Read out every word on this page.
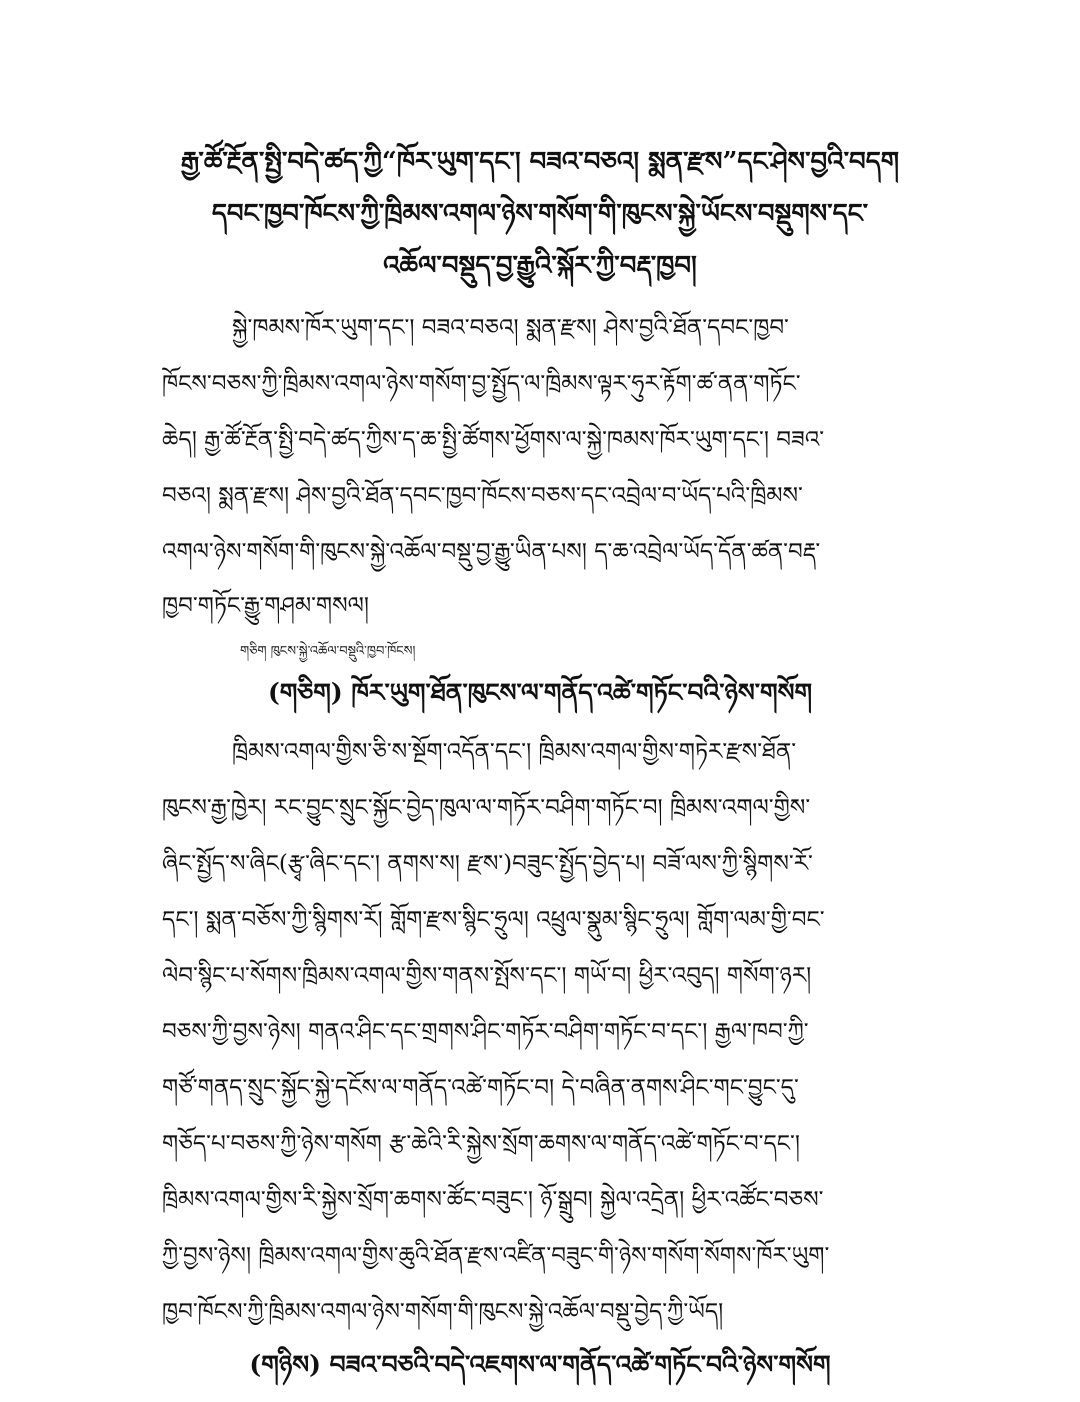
རྒྱ་ཚོ་རྔོན་སྤྱི་བདེ་ཚད་ཀྱི“ཁོར་ཡུག་དང་། བཟའ་བཅའ། སྨན་རྫས”དང་ཤེས་བྱའི་བདག
དབང་ཁྱབ་ཁོངས་ཀྱི་ཁྲིམས་འགལ་ཉེས་གསོག་གི་ཁུངས་སྐྱེ་ཡོངས་བསྡུགས་དང་
འཆོལ་བསྡུད་བྱ་རྒྱུའི་སྐོར་ཀྱི་བརྡ་ཁྱབ།
སྐྱེ་ཁམས་ཁོར་ཡུག་དང་། བཟའ་བཅའ། སྨན་རྫས། ཤེས་བྱའི་ཐོན་དབང་ཁྱབ་
ཁོངས་བཅས་ཀྱི་ཁྲིམས་འགལ་ཉེས་གསོག་བྱ་སྤྱོད་ལ་ཁྲིམས་ལྟར་ཧུར་རྟོག་ཚ་ནན་གཏོང་
ཆེད། རྒྱ་ཚོ་རྔོན་སྤྱི་བདེ་ཚད་ཀྱིས་ད་ཆ་སྤྱི་ཚོགས་ཕྱོགས་ལ་སྐྱེ་ཁམས་ཁོར་ཡུག་དང་། བཟའ་
བཅའ། སྨན་རྫས། ཤེས་བྱའི་ཐོན་དབང་ཁྱབ་ཁོངས་བཅས་དང་འབྲེལ་བ་ཡོད་པའི་ཁྲིམས་
འགལ་ཉེས་གསོག་གི་ཁུངས་སྐྱེ་འཆོལ་བསྡུ་བྱ་རྒྱུ་ཡིན་པས། ད་ཆ་འབྲེལ་ཡོད་དོན་ཚན་བརྡ་
ཁྱབ་གཏོང་རྒྱུ་གཤམ་གསལ།
གཅིག ཁུངས་སྐྱེ་འཆོལ་བསྡུའི་ཁྱབ་ཁོངས།
(གཅིག) ཁོར་ཡུག་ཐོན་ཁུངས་ལ་གནོད་འཚེ་གཏོང་བའི་ཉེས་གསོག
ཁྲིམས་འགལ་གྱིས་ཅི་ས་སྔོག་འདོན་དང་། ཁྲིམས་འགལ་གྱིས་གཏེར་རྫས་ཐོན་
ཁུངས་རྒྱ་ཁྱེར། རང་བྱུང་སྲུང་སྐྱོང་བྱེད་ཁུལ་ལ་གཏོར་བཤིག་གཏོང་བ། ཁྲིམས་འགལ་གྱིས་
ཞིང་སྤྱོད་ས་ཞིང(རྩྭ་ཞིང་དང་། ནགས་ས། རྫས་)བཟུང་སྤྱོད་བྱེད་པ། བཟོ་ལས་ཀྱི་སྙིགས་རོ་
དང་། སྨན་བཅོས་ཀྱི་སྙིགས་རོ། གློག་རྫས་སྙིང་ཧྲུལ། འཕྲུལ་སྣུམ་སྙིང་ཧྲུལ། གློག་ལམ་གྱི་བང་
ལེབ་སྙིང་པ་སོགས་ཁྲིམས་འགལ་གྱིས་གནས་སྤོས་དང་། གཡོ་བ། ཕྱིར་འབུད། གསོག་ཉར།
བཅས་ཀྱི་བྱས་ཉེས། གནའ་ཤིང་དང་གྲགས་ཤིང་གཏོར་བཤིག་གཏོང་བ་དང་། རྒྱལ་ཁབ་ཀྱི་
གཙོ་གནད་སྲུང་སྐྱོང་སྐྱེ་དངོས་ལ་གནོད་འཚེ་གཏོང་བ། དེ་བཞིན་ནགས་ཤིང་གང་བྱུང་དུ་
གཅོད་པ་བཅས་ཀྱི་ཉེས་གསོག རྩ་ཆེའི་རི་སྐྱེས་སྲོག་ཆགས་ལ་གནོད་འཚེ་གཏོང་བ་དང་།
ཁྲིམས་འགལ་གྱིས་རི་སྐྱེས་སྲོག་ཆགས་ཚོང་བཟུང་། ཉོ་སྒྲུབ། སྐྱེལ་འདྲེན། ཕྱིར་འཚོང་བཅས་
ཀྱི་བྱས་ཉེས། ཁྲིམས་འགལ་གྱིས་ཆུའི་ཐོན་རྫས་འཛིན་བཟུང་གི་ཉེས་གསོག་སོགས་ཁོར་ཡུག་
ཁྱབ་ཁོངས་ཀྱི་ཁྲིམས་འགལ་ཉེས་གསོག་གི་ཁུངས་སྐྱེ་འཆོལ་བསྡུ་བྱེད་ཀྱི་ཡོད།
(གཉིས) བཟའ་བཅའི་བདེ་འཇགས་ལ་གནོད་འཚེ་གཏོང་བའི་ཉེས་གསོག
